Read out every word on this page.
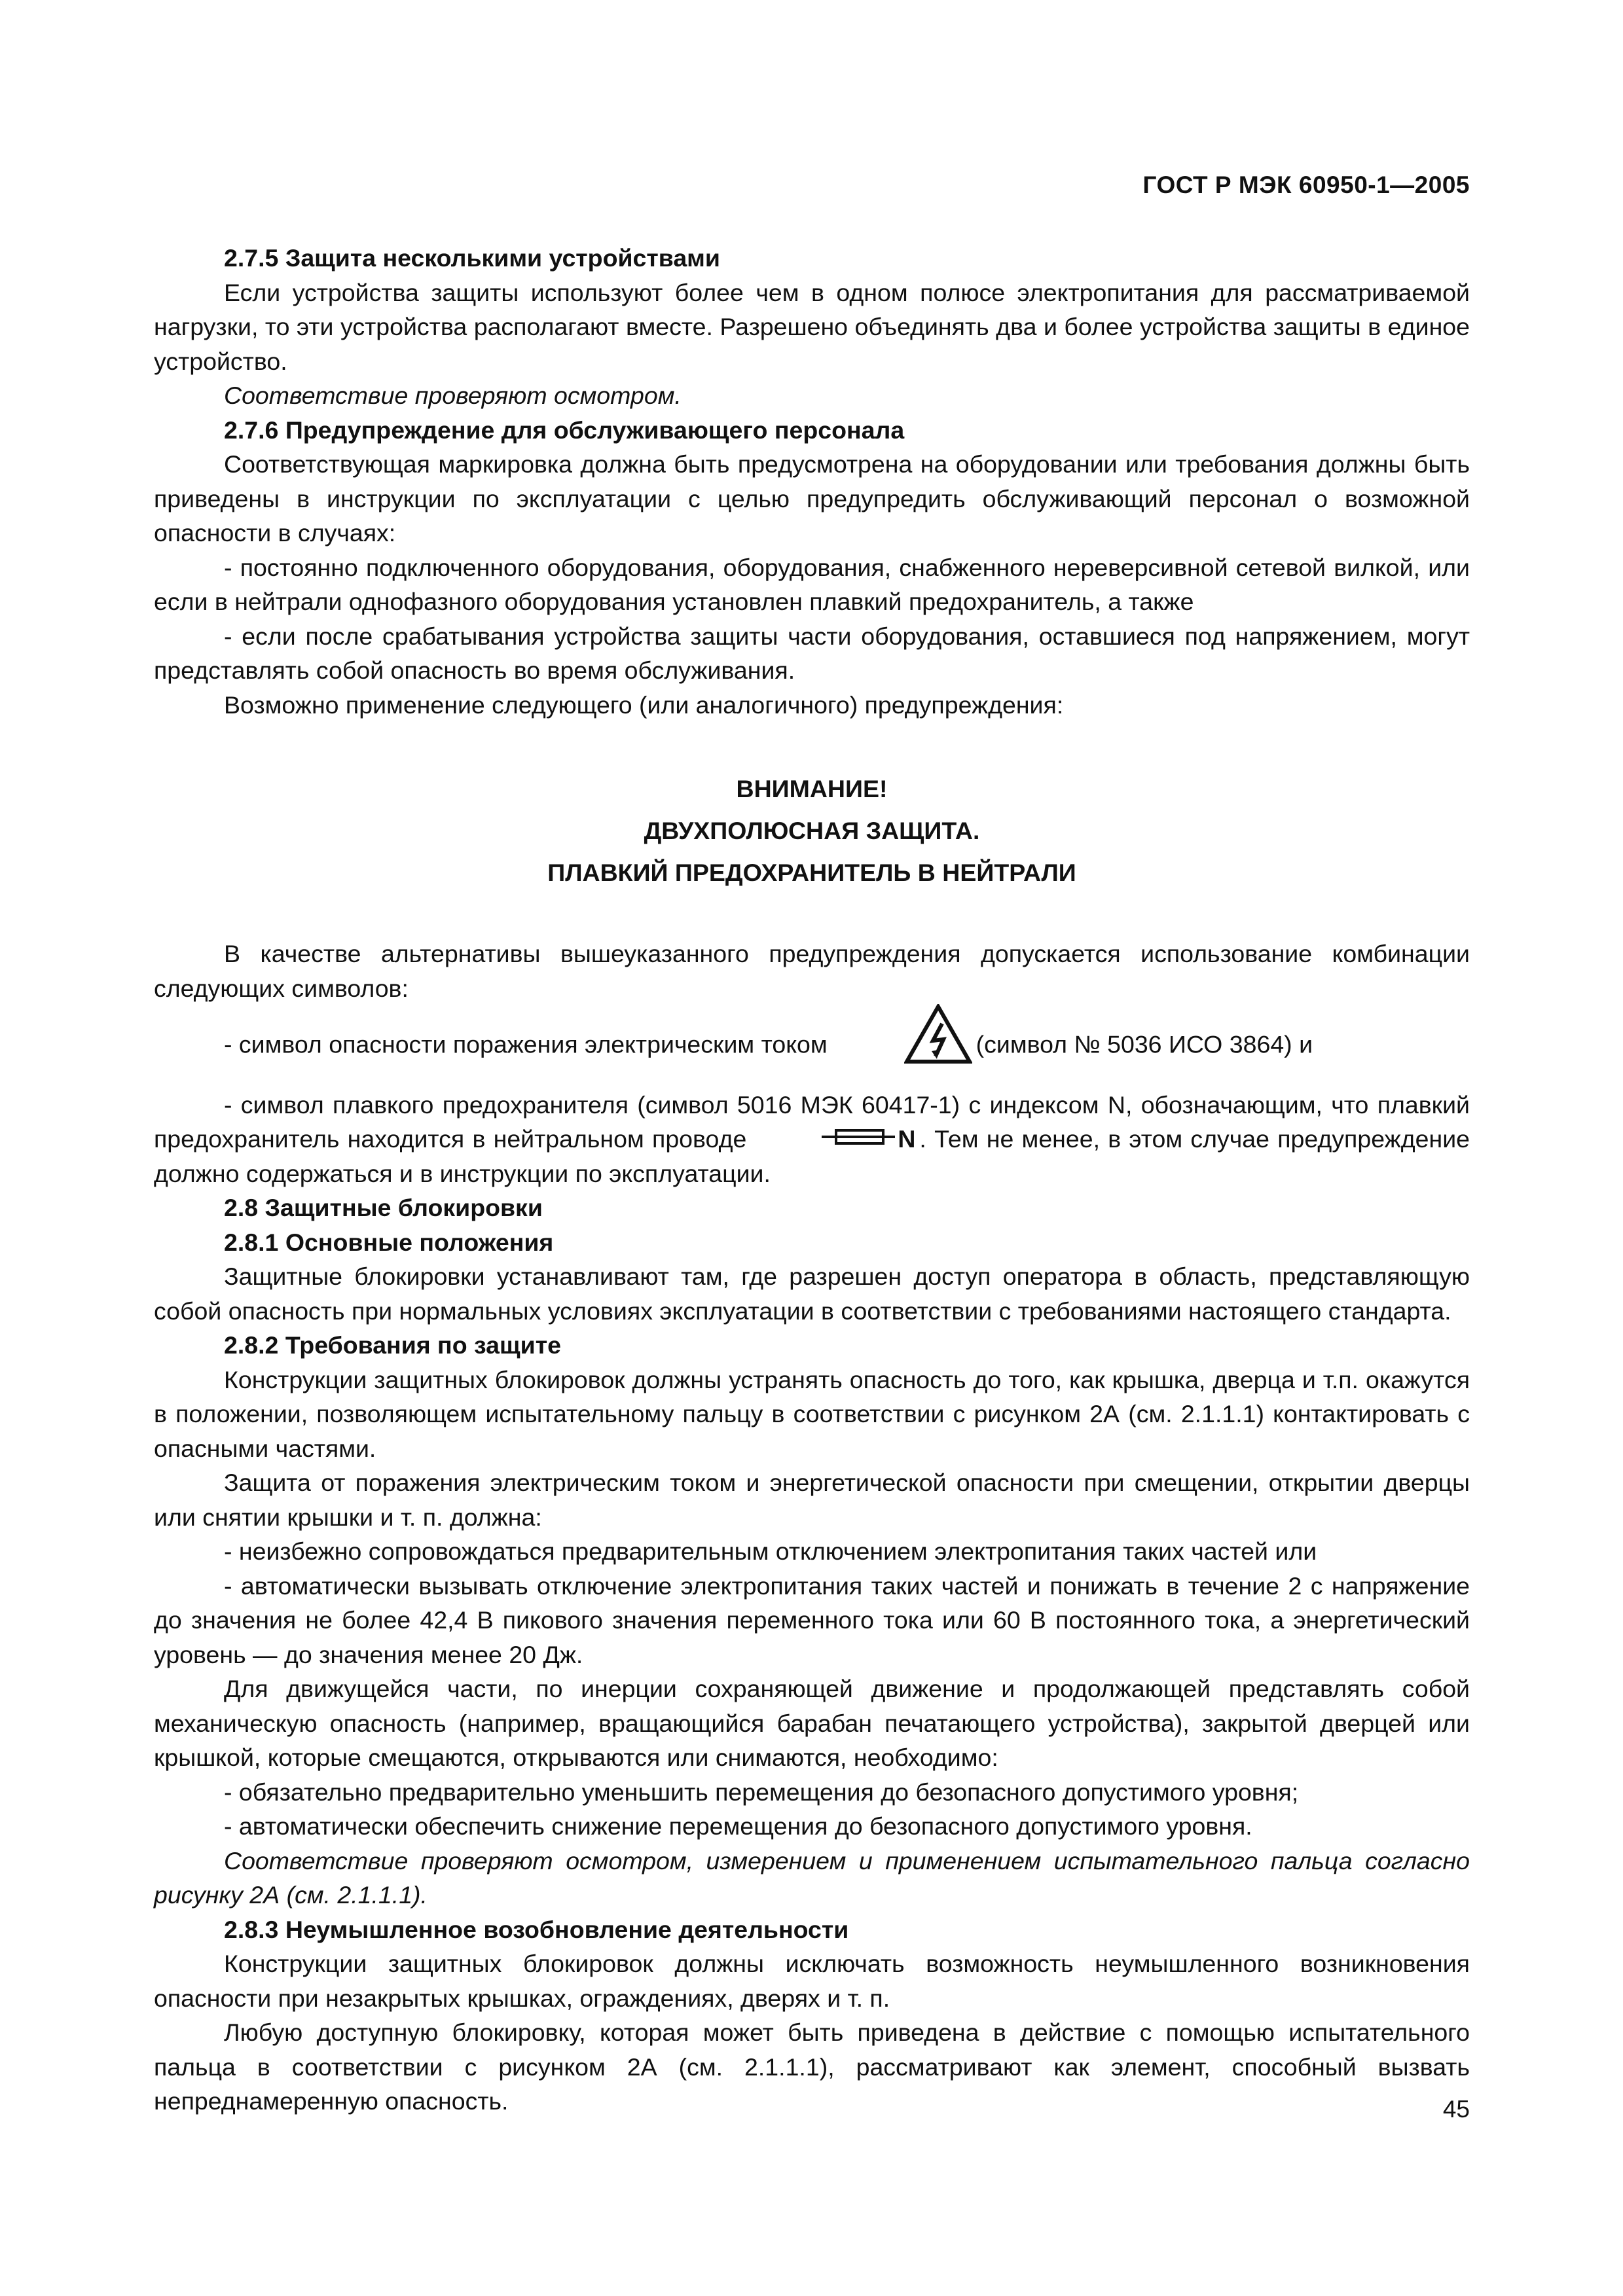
ГОСТ Р МЭК 60950-1—2005

2.7.5 Защита несколькими устройствами

Если устройства защиты используют более чем в одном полюсе электропитания для рассматриваемой нагрузки, то эти устройства располагают вместе. Разрешено объединять два и более устройства защиты в единое устройство.

Соответствие проверяют осмотром.

2.7.6 Предупреждение для обслуживающего персонала

Соответствующая маркировка должна быть предусмотрена на оборудовании или требования должны быть приведены в инструкции по эксплуатации с целью предупредить обслуживающий персонал о возможной опасности в случаях:

- постоянно подключенного оборудования, оборудования, снабженного нереверсивной сетевой вилкой, или если в нейтрали однофазного оборудования установлен плавкий предохранитель, а также

- если после срабатывания устройства защиты части оборудования, оставшиеся под напряжением, могут представлять собой опасность во время обслуживания.

Возможно применение следующего (или аналогичного) предупреждения:

ВНИМАНИЕ!
ДВУХПОЛЮСНАЯ ЗАЩИТА.
ПЛАВКИЙ ПРЕДОХРАНИТЕЛЬ В НЕЙТРАЛИ

В качестве альтернативы вышеуказанного предупреждения допускается использование комбинации следующих символов:

- символ опасности поражения электрическим током	(символ № 5036 ИСО 3864) и

- символ плавкого предохранителя (символ 5016 МЭК 60417-1) с индексом N, обозначающим, что плавкий предохранитель находится в нейтральном проводе	N . Тем не менее, в этом случае предупреждение должно содержаться и в инструкции по эксплуатации.

2.8 Защитные блокировки

2.8.1 Основные положения

Защитные блокировки устанавливают там, где разрешен доступ оператора в область, представляющую собой опасность при нормальных условиях эксплуатации в соответствии с требованиями настоящего стандарта.

2.8.2 Требования по защите

Конструкции защитных блокировок должны устранять опасность до того, как крышка, дверца и т.п. окажутся в положении, позволяющем испытательному пальцу в соответствии с рисунком 2А (см. 2.1.1.1) контактировать с опасными частями.

Защита от поражения электрическим током и энергетической опасности при смещении, открытии дверцы или снятии крышки и т. п. должна:

- неизбежно сопровождаться предварительным отключением электропитания таких частей или

- автоматически вызывать отключение электропитания таких частей и понижать в течение 2 с напряжение до значения не более 42,4 В пикового значения переменного тока или 60 В постоянного тока, а энергетический уровень — до значения менее 20 Дж.

Для движущейся части, по инерции сохраняющей движение и продолжающей представлять собой механическую опасность (например, вращающийся барабан печатающего устройства), закрытой дверцей или крышкой, которые смещаются, открываются или снимаются, необходимо:

- обязательно предварительно уменьшить перемещения до безопасного допустимого уровня;

- автоматически обеспечить снижение перемещения до безопасного допустимого уровня.

Соответствие проверяют осмотром, измерением и применением испытательного пальца согласно рисунку 2А (см. 2.1.1.1).

2.8.3 Неумышленное возобновление деятельности

Конструкции защитных блокировок должны исключать возможность неумышленного возникновения опасности при незакрытых крышках, ограждениях, дверях и т. п.

Любую доступную блокировку, которая может быть приведена в действие с помощью испытательного пальца в соответствии с рисунком 2А (см. 2.1.1.1), рассматривают как элемент, способный вызвать непреднамеренную опасность.	45
